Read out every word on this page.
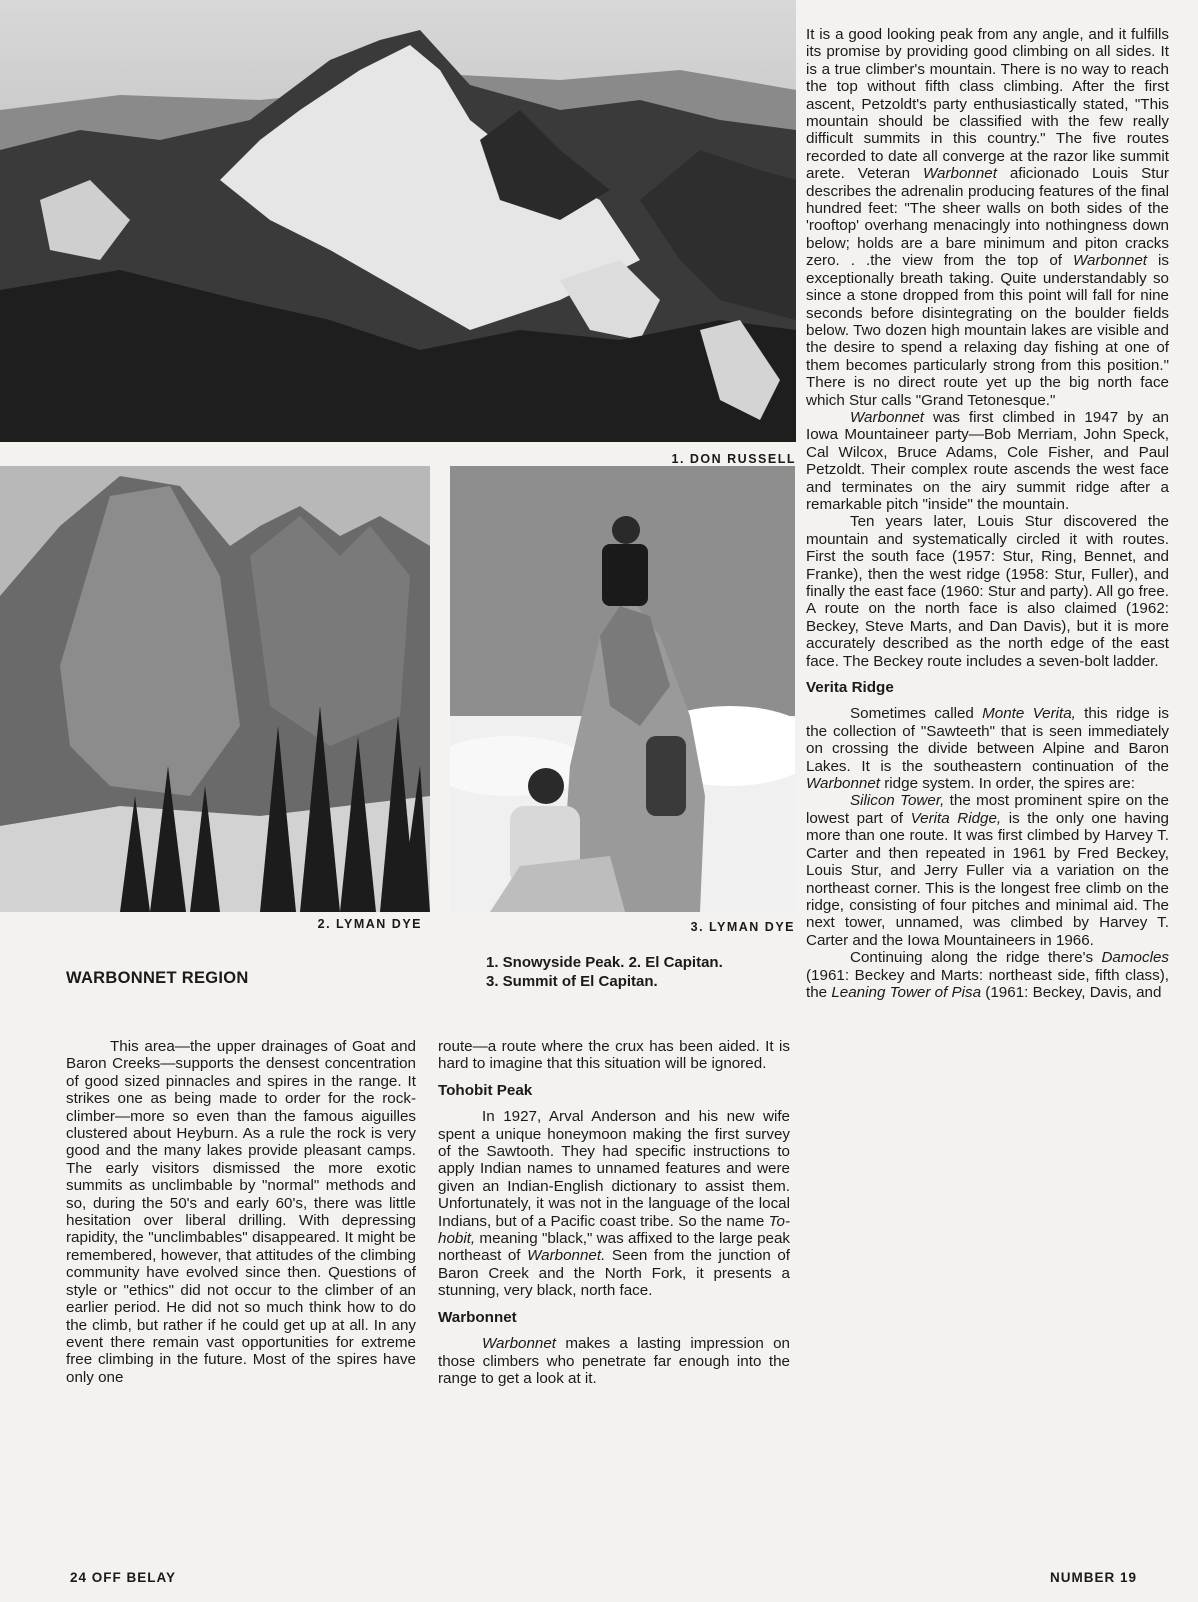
1. DON RUSSELL
2. LYMAN DYE	3. LYMAN DYE
1. Snowyside Peak. 2. El Capitan.
3. Summit of El Capitan.
WARBONNET REGION

This area—the upper drainages of Goat and Baron Creeks—supports the densest concentration of good sized pinnacles and spires in the range. It strikes one as being made to order for the rock-climber—more so even than the famous aiguilles clustered about Heyburn. As a rule the rock is very good and the many lakes provide pleasant camps. The early visitors dismissed the more exotic summits as unclimbable by "normal" methods and so, during the 50's and early 60's, there was little hesitation over liberal drilling. With depressing rapidity, the "unclimbables" disappeared. It might be remembered, however, that attitudes of the climbing community have evolved since then. Questions of style or "ethics" did not occur to the climber of an earlier period. He did not so much think how to do the climb, but rather if he could get up at all. In any event there remain vast opportunities for extreme free climbing in the future. Most of the spires have only one

route—a route where the crux has been aided. It is hard to imagine that this situation will be ignored.

Tohobit Peak

In 1927, Arval Anderson and his new wife spent a unique honeymoon making the first survey of the Sawtooth. They had specific instructions to apply Indian names to unnamed features and were given an Indian-English dictionary to assist them. Unfortunately, it was not in the language of the local Indians, but of a Pacific coast tribe. So the name To-hobit, meaning "black," was affixed to the large peak northeast of Warbonnet. Seen from the junction of Baron Creek and the North Fork, it presents a stunning, very black, north face.

Warbonnet

Warbonnet makes a lasting impression on those climbers who penetrate far enough into the range to get a look at it.

It is a good looking peak from any angle, and it fulfills its promise by providing good climbing on all sides. It is a true climber's mountain. There is no way to reach the top without fifth class climbing. After the first ascent, Petzoldt's party enthusiastically stated, "This mountain should be classified with the few really difficult summits in this country." The five routes recorded to date all converge at the razor like summit arete. Veteran Warbonnet aficionado Louis Stur describes the adrenalin producing features of the final hundred feet: "The sheer walls on both sides of the 'rooftop' overhang menacingly into nothingness down below; holds are a bare minimum and piton cracks zero. . .the view from the top of Warbonnet is exceptionally breath taking. Quite understandably so since a stone dropped from this point will fall for nine seconds before disintegrating on the boulder fields below. Two dozen high mountain lakes are visible and the desire to spend a relaxing day fishing at one of them becomes particularly strong from this position." There is no direct route yet up the big north face which Stur calls "Grand Tetonesque."

Warbonnet was first climbed in 1947 by an Iowa Mountaineer party—Bob Merriam, John Speck, Cal Wilcox, Bruce Adams, Cole Fisher, and Paul Petzoldt. Their complex route ascends the west face and terminates on the airy summit ridge after a remarkable pitch "inside" the mountain.

Ten years later, Louis Stur discovered the mountain and systematically circled it with routes. First the south face (1957: Stur, Ring, Bennet, and Franke), then the west ridge (1958: Stur, Fuller), and finally the east face (1960: Stur and party). All go free. A route on the north face is also claimed (1962: Beckey, Steve Marts, and Dan Davis), but it is more accurately described as the north edge of the east face. The Beckey route includes a seven-bolt ladder.

Verita Ridge

Sometimes called Monte Verita, this ridge is the collection of "Sawteeth" that is seen immediately on crossing the divide between Alpine and Baron Lakes. It is the southeastern continuation of the Warbonnet ridge system. In order, the spires are:

Silicon Tower, the most prominent spire on the lowest part of Verita Ridge, is the only one having more than one route. It was first climbed by Harvey T. Carter and then repeated in 1961 by Fred Beckey, Louis Stur, and Jerry Fuller via a variation on the northeast corner. This is the longest free climb on the ridge, consisting of four pitches and minimal aid. The next tower, unnamed, was climbed by Harvey T. Carter and the Iowa Mountaineers in 1966.

Continuing along the ridge there's Damocles (1961: Beckey and Marts: northeast side, fifth class), the Leaning Tower of Pisa (1961: Beckey, Davis, and

24 OFF BELAY	NUMBER 19
